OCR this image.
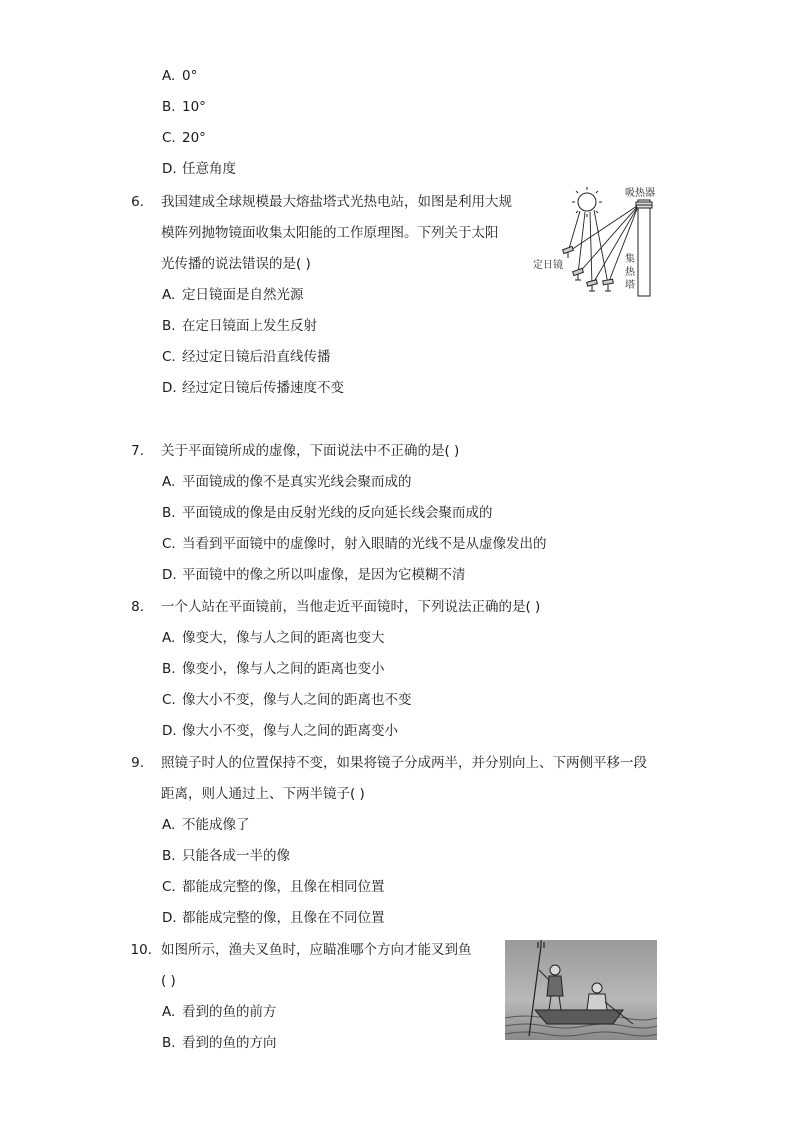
A. 0°
B. 10°
C. 20°
D. 任意角度
6. 我国建成全球规模最大熔盐塔式光热电站，如图是利用大规
模阵列抛物镜面收集太阳能的工作原理图。下列关于太阳
光传播的说法错误的是( )
A. 定日镜面是自然光源
B. 在定日镜面上发生反射
C. 经过定日镜后沿直线传播
D. 经过定日镜后传播速度不变
吸热器
定日镜
集
热
塔
7. 关于平面镜所成的虚像，下面说法中不正确的是( )
A. 平面镜成的像不是真实光线会聚而成的
B. 平面镜成的像是由反射光线的反向延长线会聚而成的
C. 当看到平面镜中的虚像时，射入眼睛的光线不是从虚像发出的
D. 平面镜中的像之所以叫虚像，是因为它模糊不清
8. 一个人站在平面镜前，当他走近平面镜时，下列说法正确的是( )
A. 像变大，像与人之间的距离也变大
B. 像变小，像与人之间的距离也变小
C. 像大小不变，像与人之间的距离也不变
D. 像大小不变，像与人之间的距离变小
9. 照镜子时人的位置保持不变，如果将镜子分成两半，并分别向上、下两侧平移一段
距离，则人通过上、下两半镜子( )
A. 不能成像了
B. 只能各成一半的像
C. 都能成完整的像，且像在相同位置
D. 都能成完整的像，且像在不同位置
10. 如图所示，渔夫叉鱼时，应瞄准哪个方向才能叉到鱼
( )
A. 看到的鱼的前方
B. 看到的鱼的方向
